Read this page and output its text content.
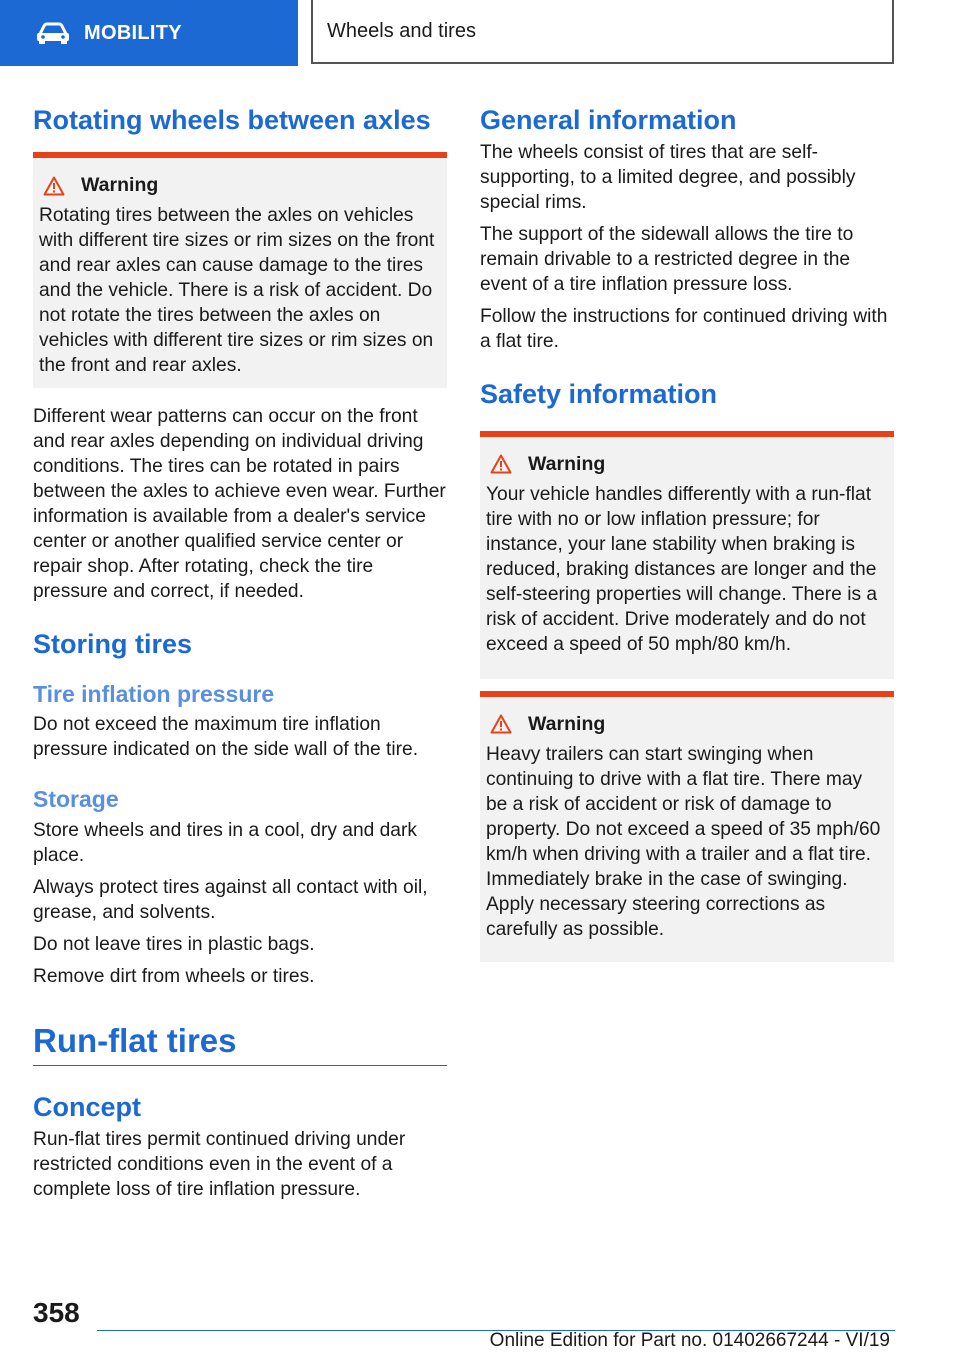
MOBILITY	Wheels and tires
Rotating wheels between axles
Warning

Rotating tires between the axles on vehicles with different tire sizes or rim sizes on the front and rear axles can cause damage to the tires and the vehicle. There is a risk of accident. Do not rotate the tires between the axles on vehicles with different tire sizes or rim sizes on the front and rear axles.

Different wear patterns can occur on the front and rear axles depending on individual driving conditions. The tires can be rotated in pairs between the axles to achieve even wear. Further information is available from a dealer's service center or another qualified service center or repair shop. After rotating, check the tire pressure and correct, if needed.

Storing tires
Tire inflation pressure

Do not exceed the maximum tire inflation pressure indicated on the side wall of the tire.

Storage

Store wheels and tires in a cool, dry and dark place.

Always protect tires against all contact with oil, grease, and solvents.

Do not leave tires in plastic bags.

Remove dirt from wheels or tires.

Run-flat tires
Concept

Run-flat tires permit continued driving under restricted conditions even in the event of a complete loss of tire inflation pressure.

General information

The wheels consist of tires that are self-supporting, to a limited degree, and possibly special rims.

The support of the sidewall allows the tire to remain drivable to a restricted degree in the event of a tire inflation pressure loss.

Follow the instructions for continued driving with a flat tire.

Safety information
Warning

Your vehicle handles differently with a run-flat tire with no or low inflation pressure; for instance, your lane stability when braking is reduced, braking distances are longer and the self-steering properties will change. There is a risk of accident. Drive moderately and do not exceed a speed of 50 mph/80 km/h.

Warning

Heavy trailers can start swinging when continuing to drive with a flat tire. There may be a risk of accident or risk of damage to property. Do not exceed a speed of 35 mph/60 km/h when driving with a trailer and a flat tire. Immediately brake in the case of swinging. Apply necessary steering corrections as carefully as possible.

358
Online Edition for Part no. 01402667244 - VI/19
